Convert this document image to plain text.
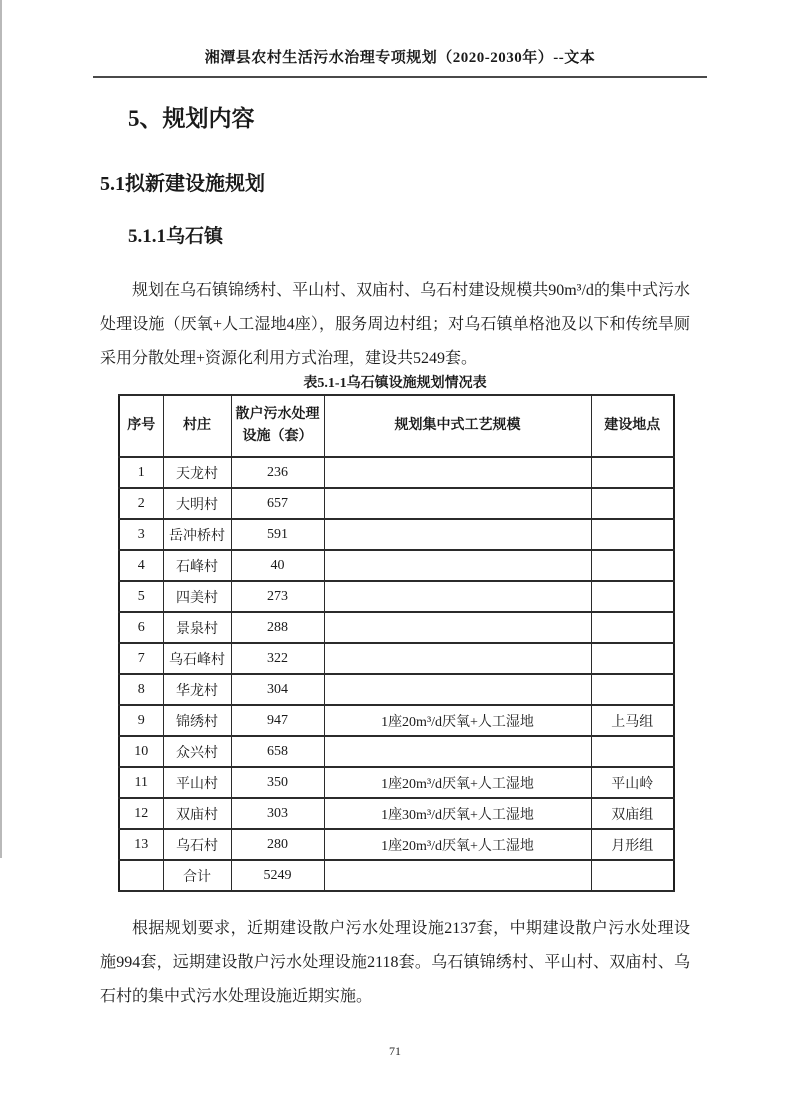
湘潭县农村生活污水治理专项规划（2020-2030年）--文本
5、规划内容
5.1拟新建设施规划
5.1.1乌石镇
规划在乌石镇锦绣村、平山村、双庙村、乌石村建设规模共90m³/d的集中式污水处理设施（厌氧+人工湿地4座），服务周边村组；对乌石镇单格池及以下和传统旱厕采用分散处理+资源化利用方式治理，建设共5249套。
表5.1-1乌石镇设施规划情况表
序号	村庄	散户污水处理设施（套）	规划集中式工艺规模	建设地点
1	天龙村	236		
2	大明村	657		
3	岳冲桥村	591		
4	石峰村	40		
5	四美村	273		
6	景泉村	288		
7	乌石峰村	322		
8	华龙村	304		
9	锦绣村	947	1座20m³/d厌氧+人工湿地	上马组
10	众兴村	658		
11	平山村	350	1座20m³/d厌氧+人工湿地	平山岭
12	双庙村	303	1座30m³/d厌氧+人工湿地	双庙组
13	乌石村	280	1座20m³/d厌氧+人工湿地	月形组
	合计	5249		
根据规划要求，近期建设散户污水处理设施2137套，中期建设散户污水处理设施994套，远期建设散户污水处理设施2118套。乌石镇锦绣村、平山村、双庙村、乌石村的集中式污水处理设施近期实施。
71
